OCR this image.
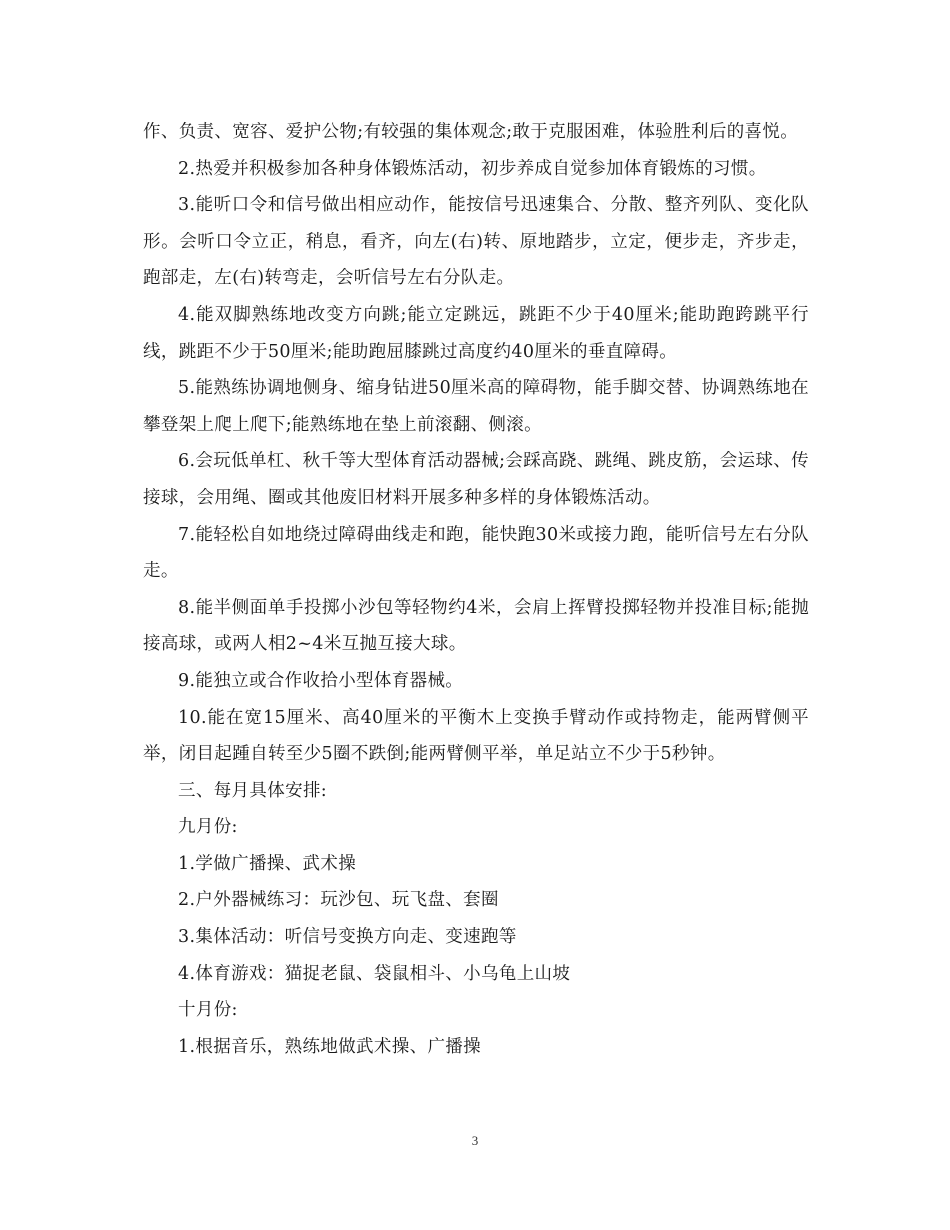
作、负责、宽容、爱护公物;有较强的集体观念;敢于克服困难，体验胜利后的喜悦。

2.热爱并积极参加各种身体锻炼活动，初步养成自觉参加体育锻炼的习惯。

3.能听口令和信号做出相应动作，能按信号迅速集合、分散、整齐列队、变化队形。会听口令立正，稍息，看齐，向左(右)转、原地踏步，立定，便步走，齐步走，跑部走，左(右)转弯走，会听信号左右分队走。

4.能双脚熟练地改变方向跳;能立定跳远，跳距不少于40厘米;能助跑跨跳平行线，跳距不少于50厘米;能助跑屈膝跳过高度约40厘米的垂直障碍。

5.能熟练协调地侧身、缩身钻进50厘米高的障碍物，能手脚交替、协调熟练地在攀登架上爬上爬下;能熟练地在垫上前滚翻、侧滚。

6.会玩低单杠、秋千等大型体育活动器械;会踩高跷、跳绳、跳皮筋，会运球、传接球，会用绳、圈或其他废旧材料开展多种多样的身体锻炼活动。

7.能轻松自如地绕过障碍曲线走和跑，能快跑30米或接力跑，能听信号左右分队走。

8.能半侧面单手投掷小沙包等轻物约4米，会肩上挥臂投掷轻物并投准目标;能抛接高球，或两人相2~4米互抛互接大球。

9.能独立或合作收拾小型体育器械。

10.能在宽15厘米、高40厘米的平衡木上变换手臂动作或持物走，能两臂侧平举，闭目起踵自转至少5圈不跌倒;能两臂侧平举，单足站立不少于5秒钟。

三、每月具体安排:

九月份:

1.学做广播操、武术操

2.户外器械练习：玩沙包、玩飞盘、套圈

3.集体活动：听信号变换方向走、变速跑等

4.体育游戏：猫捉老鼠、袋鼠相斗、小乌龟上山坡

十月份:

1.根据音乐，熟练地做武术操、广播操

3
